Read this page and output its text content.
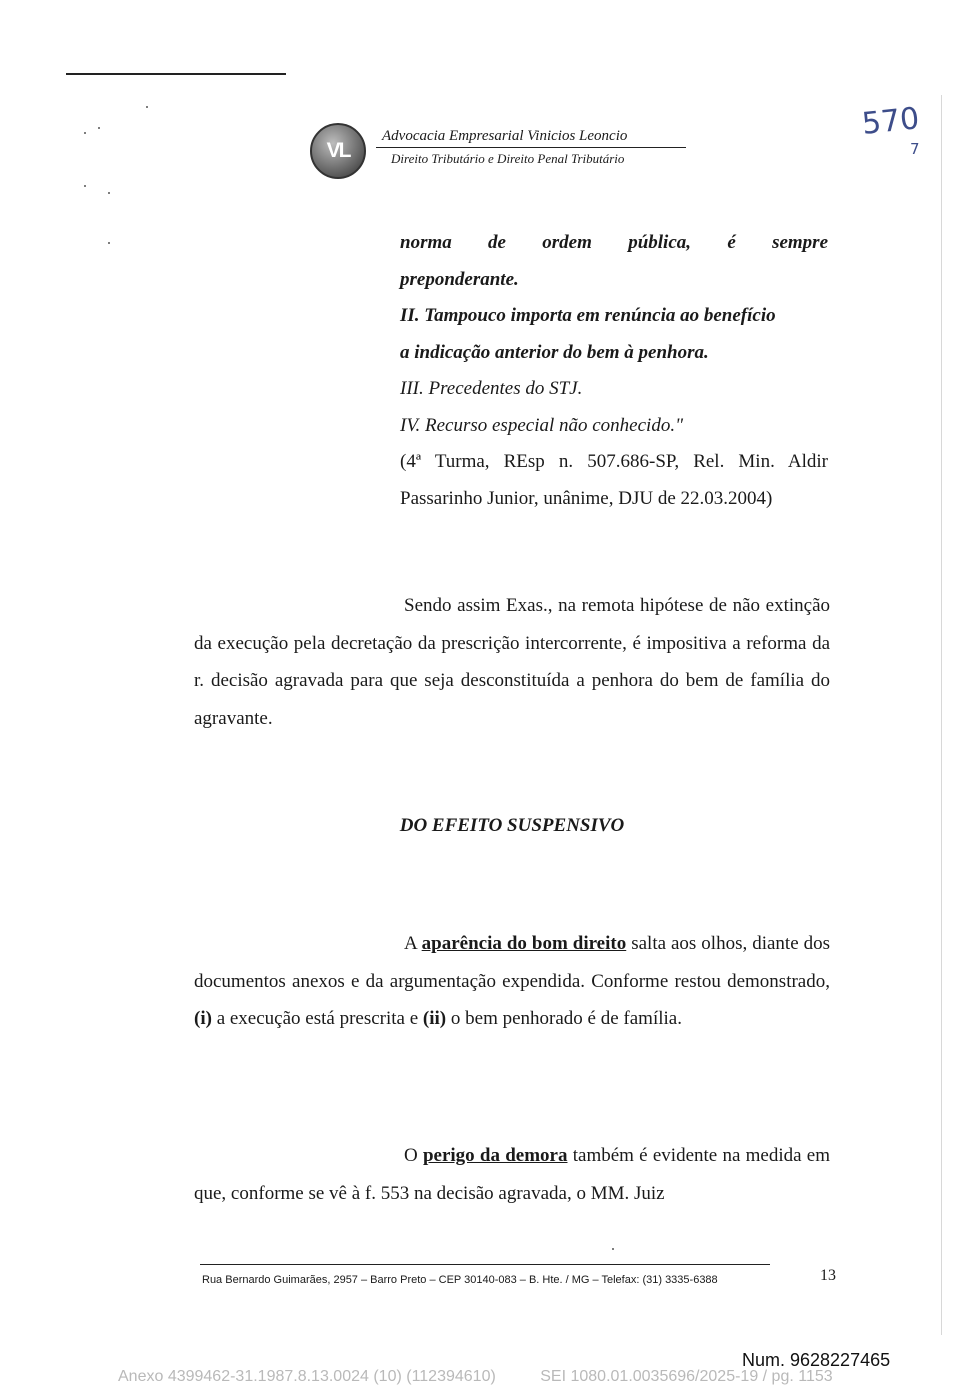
VL
Advocacia Empresarial Vinicios Leoncio
Direito Tributário e Direito Penal Tributário
570
7

norma de ordem pública, é sempre

preponderante.

II. Tampouco importa em renúncia ao benefício

a indicação anterior do bem à penhora.

III. Precedentes do STJ.

IV. Recurso especial não conhecido."

(4ª Turma, REsp n. 507.686-SP, Rel. Min. Aldir

Passarinho Junior, unânime, DJU de 22.03.2004)

Sendo assim Exas., na remota hipótese de não extinção da execução pela decretação da prescrição intercorrente, é impositiva a reforma da r. decisão agravada para que seja desconstituída a penhora do bem de família do agravante.

DO EFEITO SUSPENSIVO

A aparência do bom direito salta aos olhos, diante dos documentos anexos e da argumentação expendida. Conforme restou demonstrado, (i) a execução está prescrita e (ii) o bem penhorado é de família.

O perigo da demora também é evidente na medida em que, conforme se vê à f. 553 na decisão agravada, o MM. Juiz

Rua Bernardo Guimarães, 2957 – Barro Preto – CEP 30140-083 – B. Hte. / MG – Telefax: (31) 3335-6388	13
Num. 9628227465
Anexo 4399462-31.1987.8.13.0024 (10) (112394610)          SEI 1080.01.0035696/2025-19 / pg. 1153
